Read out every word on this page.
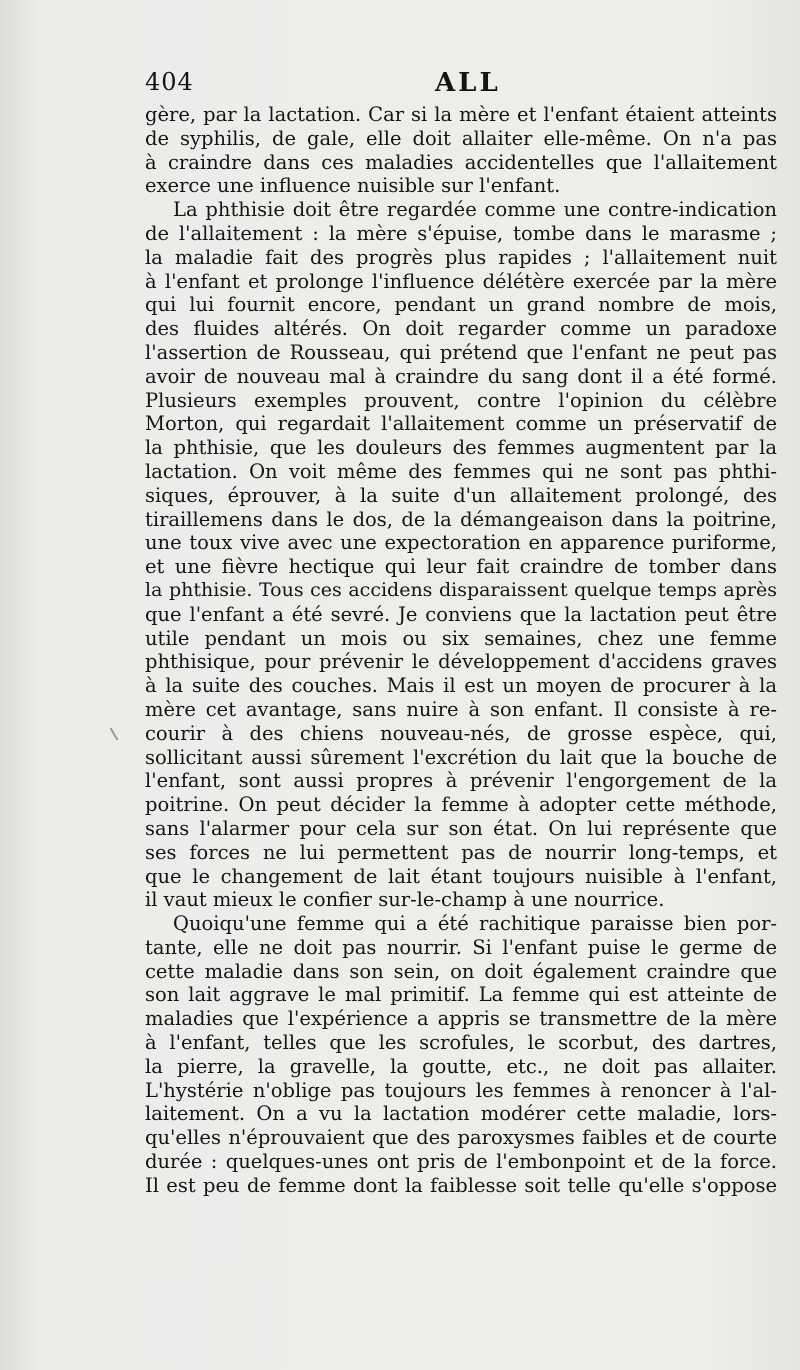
404	ALL
gère, par la lactation. Car si la mère et l'enfant étaient atteints
de syphilis, de gale, elle doit allaiter elle-même. On n'a pas
à craindre dans ces maladies accidentelles que l'allaitement
exerce une influence nuisible sur l'enfant.
La phthisie doit être regardée comme une contre-indication
de l'allaitement : la mère s'épuise, tombe dans le marasme ;
la maladie fait des progrès plus rapides ; l'allaitement nuit
à l'enfant et prolonge l'influence délétère exercée par la mère
qui lui fournit encore, pendant un grand nombre de mois,
des fluides altérés. On doit regarder comme un paradoxe
l'assertion de Rousseau, qui prétend que l'enfant ne peut pas
avoir de nouveau mal à craindre du sang dont il a été formé.
Plusieurs exemples prouvent, contre l'opinion du célèbre
Morton, qui regardait l'allaitement comme un préservatif de
la phthisie, que les douleurs des femmes augmentent par la
lactation. On voit même des femmes qui ne sont pas phthi-
siques, éprouver, à la suite d'un allaitement prolongé, des
tiraillemens dans le dos, de la démangeaison dans la poitrine,
une toux vive avec une expectoration en apparence puriforme,
et une fièvre hectique qui leur fait craindre de tomber dans
la phthisie. Tous ces accidens disparaissent quelque temps après
que l'enfant a été sevré. Je conviens que la lactation peut être
utile pendant un mois ou six semaines, chez une femme
phthisique, pour prévenir le développement d'accidens graves
à la suite des couches. Mais il est un moyen de procurer à la
mère cet avantage, sans nuire à son enfant. Il consiste à re-
courir à des chiens nouveau-nés, de grosse espèce, qui,
sollicitant aussi sûrement l'excrétion du lait que la bouche de
l'enfant, sont aussi propres à prévenir l'engorgement de la
poitrine. On peut décider la femme à adopter cette méthode,
sans l'alarmer pour cela sur son état. On lui représente que
ses forces ne lui permettent pas de nourrir long-temps, et
que le changement de lait étant toujours nuisible à l'enfant,
il vaut mieux le confier sur-le-champ à une nourrice.
Quoiqu'une femme qui a été rachitique paraisse bien por-
tante, elle ne doit pas nourrir. Si l'enfant puise le germe de
cette maladie dans son sein, on doit également craindre que
son lait aggrave le mal primitif. La femme qui est atteinte de
maladies que l'expérience a appris se transmettre de la mère
à l'enfant, telles que les scrofules, le scorbut, des dartres,
la pierre, la gravelle, la goutte, etc., ne doit pas allaiter.
L'hystérie n'oblige pas toujours les femmes à renoncer à l'al-
laitement. On a vu la lactation modérer cette maladie, lors-
qu'elles n'éprouvaient que des paroxysmes faibles et de courte
durée : quelques-unes ont pris de l'embonpoint et de la force.
Il est peu de femme dont la faiblesse soit telle qu'elle s'oppose
